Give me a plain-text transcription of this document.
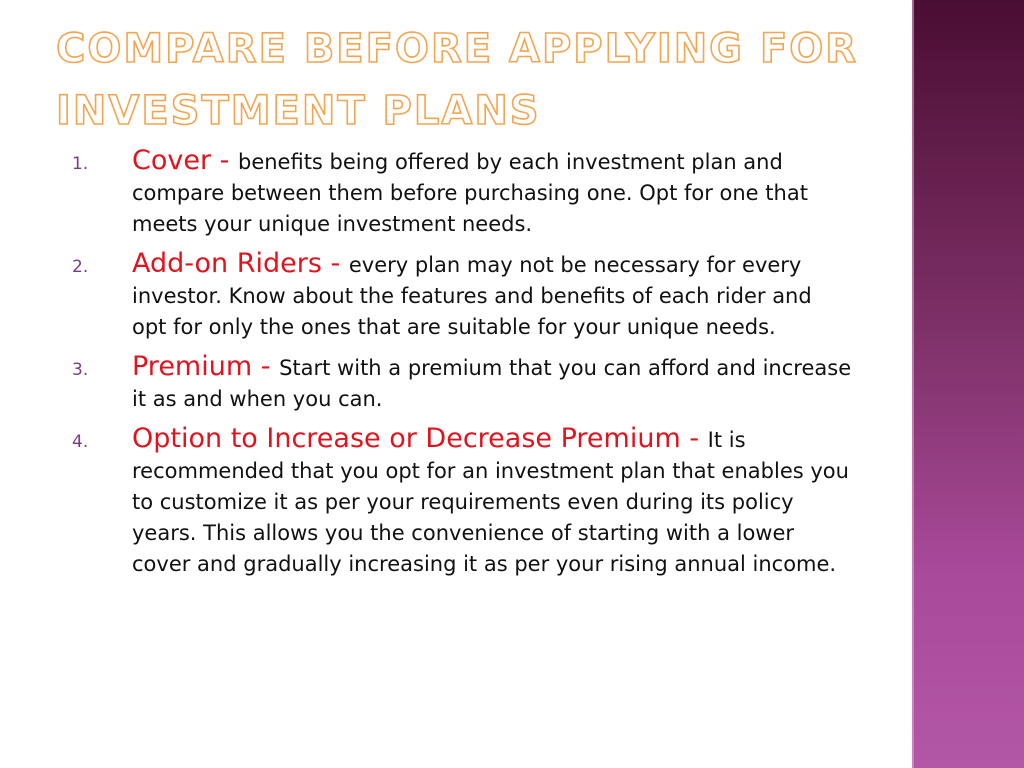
COMPARE BEFORE APPLYING FOR INVESTMENT PLANS
1. Cover - benefits being offered by each investment plan and compare between them before purchasing one. Opt for one that meets your unique investment needs.
2. Add-on Riders - every plan may not be necessary for every investor. Know about the features and benefits of each rider and opt for only the ones that are suitable for your unique needs.
3. Premium - Start with a premium that you can afford and increase it as and when you can.
4. Option to Increase or Decrease Premium - It is recommended that you opt for an investment plan that enables you to customize it as per your requirements even during its policy years. This allows you the convenience of starting with a lower cover and gradually increasing it as per your rising annual income.
